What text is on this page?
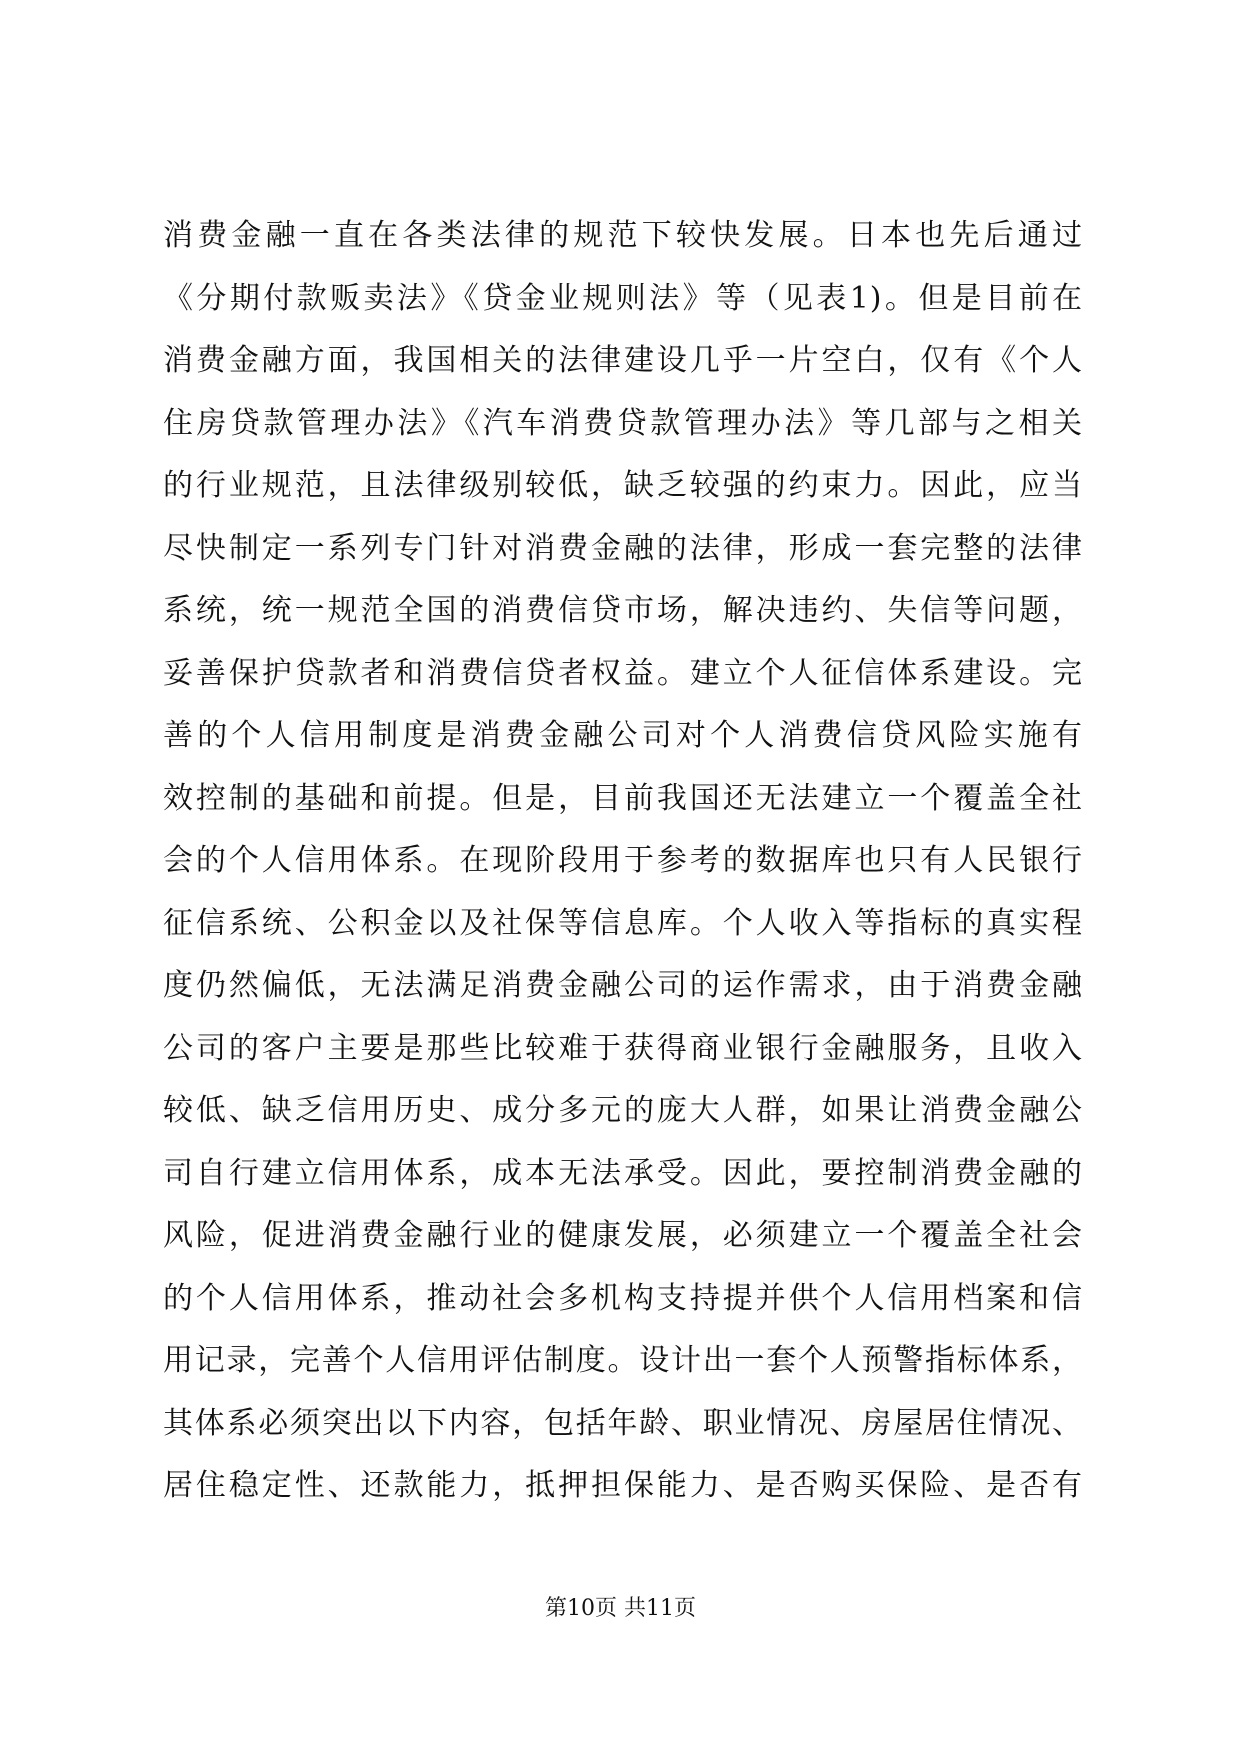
消费金融一直在各类法律的规范下较快发展。日本也先后通过
《分期付款贩卖法》《贷金业规则法》等（见表1)。但是目前在
消费金融方面，我国相关的法律建设几乎一片空白，仅有《个人
住房贷款管理办法》《汽车消费贷款管理办法》等几部与之相关
的行业规范，且法律级别较低，缺乏较强的约束力。因此，应当
尽快制定一系列专门针对消费金融的法律，形成一套完整的法律
系统，统一规范全国的消费信贷市场，解决违约、失信等问题，
妥善保护贷款者和消费信贷者权益。建立个人征信体系建设。完
善的个人信用制度是消费金融公司对个人消费信贷风险实施有
效控制的基础和前提。但是，目前我国还无法建立一个覆盖全社
会的个人信用体系。在现阶段用于参考的数据库也只有人民银行
征信系统、公积金以及社保等信息库。个人收入等指标的真实程
度仍然偏低，无法满足消费金融公司的运作需求，由于消费金融
公司的客户主要是那些比较难于获得商业银行金融服务，且收入
较低、缺乏信用历史、成分多元的庞大人群，如果让消费金融公
司自行建立信用体系，成本无法承受。因此，要控制消费金融的
风险，促进消费金融行业的健康发展，必须建立一个覆盖全社会
的个人信用体系，推动社会多机构支持提并供个人信用档案和信
用记录，完善个人信用评估制度。设计出一套个人预警指标体系，
其体系必须突出以下内容，包括年龄、职业情况、房屋居住情况、
居住稳定性、还款能力，抵押担保能力、是否购买保险、是否有
第10页 共11页
